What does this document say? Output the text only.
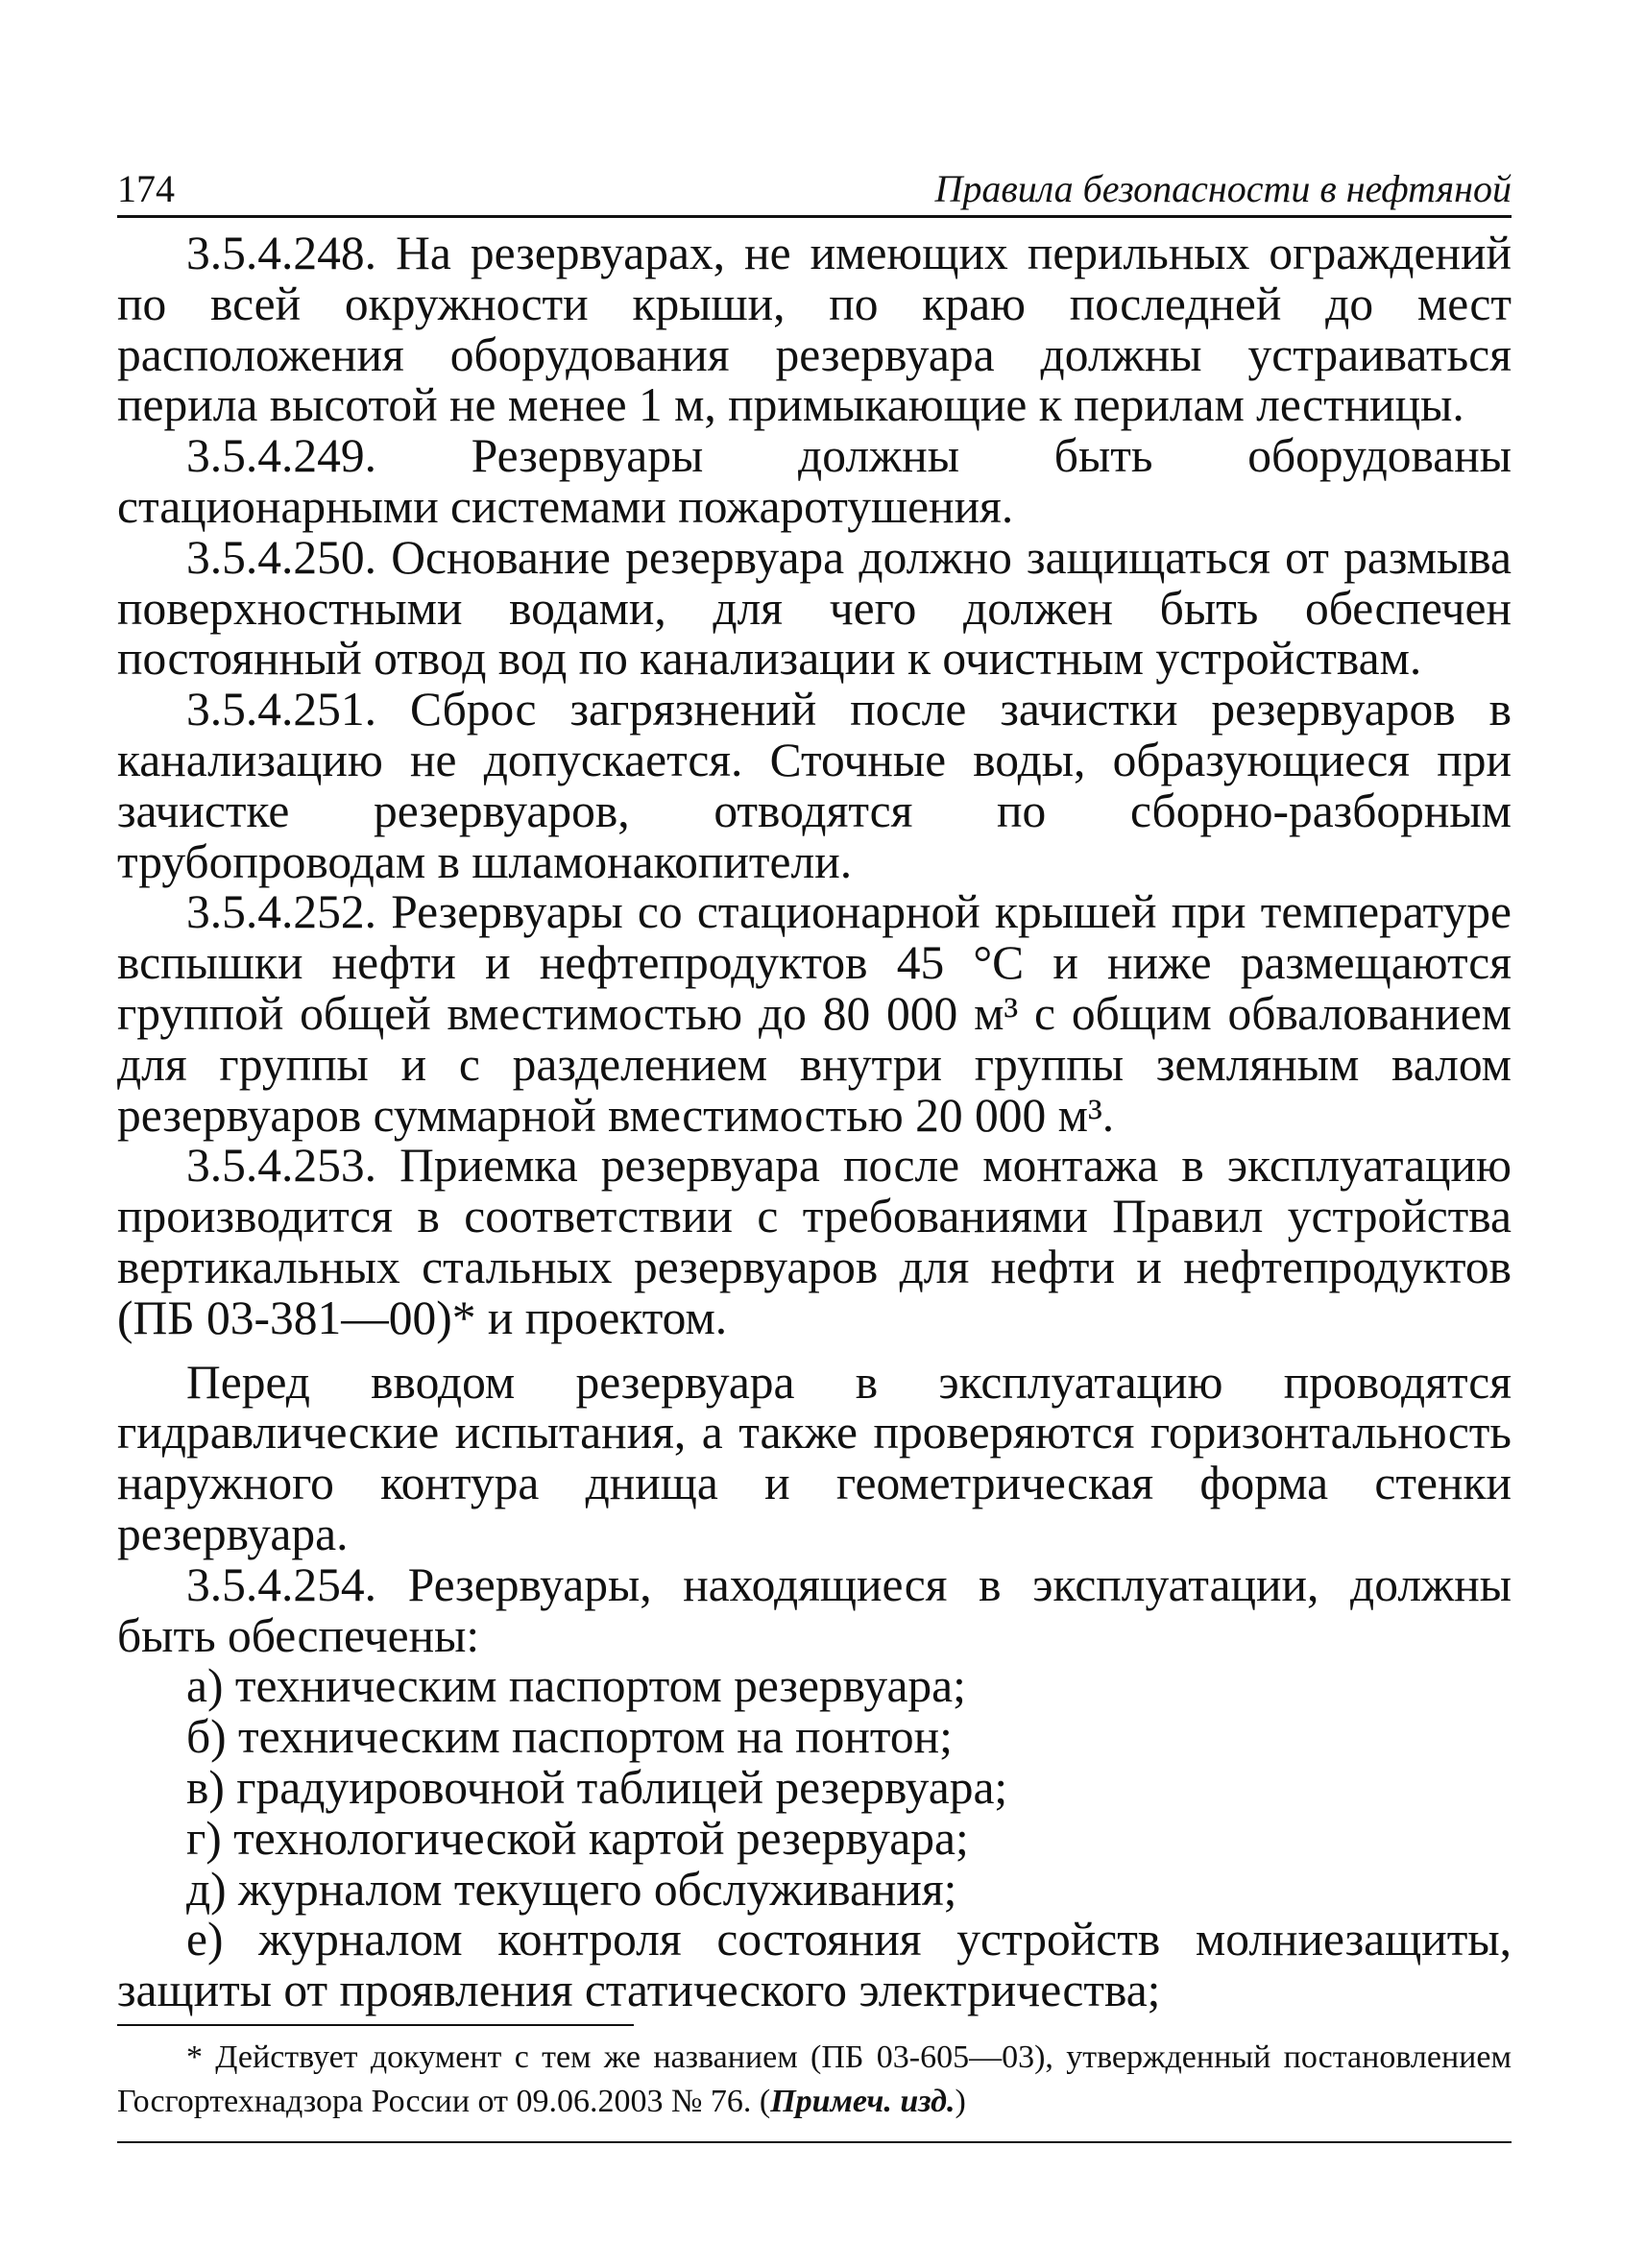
174	Правила безопасности в нефтяной

3.5.4.248. На резервуарах, не имеющих перильных ограждений по всей окружности крыши, по краю последней до мест расположения оборудования резервуара должны устраиваться перила высотой не менее 1 м, примыкающие к перилам лестницы.

3.5.4.249. Резервуары должны быть оборудованы стационарными системами пожаротушения.

3.5.4.250. Основание резервуара должно защищаться от размыва поверхностными водами, для чего должен быть обеспечен постоянный отвод вод по канализации к очистным устройствам.

3.5.4.251. Сброс загрязнений после зачистки резервуаров в канализацию не допускается. Сточные воды, образующиеся при зачистке резервуаров, отводятся по сборно-разборным трубопроводам в шламонакопители.

3.5.4.252. Резервуары со стационарной крышей при температуре вспышки нефти и нефтепродуктов 45 °С и ниже размещаются группой общей вместимостью до 80 000 м³ с общим обвалованием для группы и с разделением внутри группы земляным валом резервуаров суммарной вместимостью 20 000 м³.

3.5.4.253. Приемка резервуара после монтажа в эксплуатацию производится в соответствии с требованиями Правил устройства вертикальных стальных резервуаров для нефти и нефтепродуктов (ПБ 03-381—00)* и проектом.

Перед вводом резервуара в эксплуатацию проводятся гидравлические испытания, а также проверяются горизонтальность наружного контура днища и геометрическая форма стенки резервуара.

3.5.4.254. Резервуары, находящиеся в эксплуатации, должны быть обеспечены:

а) техническим паспортом резервуара;

б) техническим паспортом на понтон;

в) градуировочной таблицей резервуара;

г) технологической картой резервуара;

д) журналом текущего обслуживания;

е) журналом контроля состояния устройств молниезащиты, защиты от проявления статического электричества;

* Действует документ с тем же названием (ПБ 03-605—03), утвержденный постановлением Госгортехнадзора России от 09.06.2003 № 76. (Примеч. изд.)
